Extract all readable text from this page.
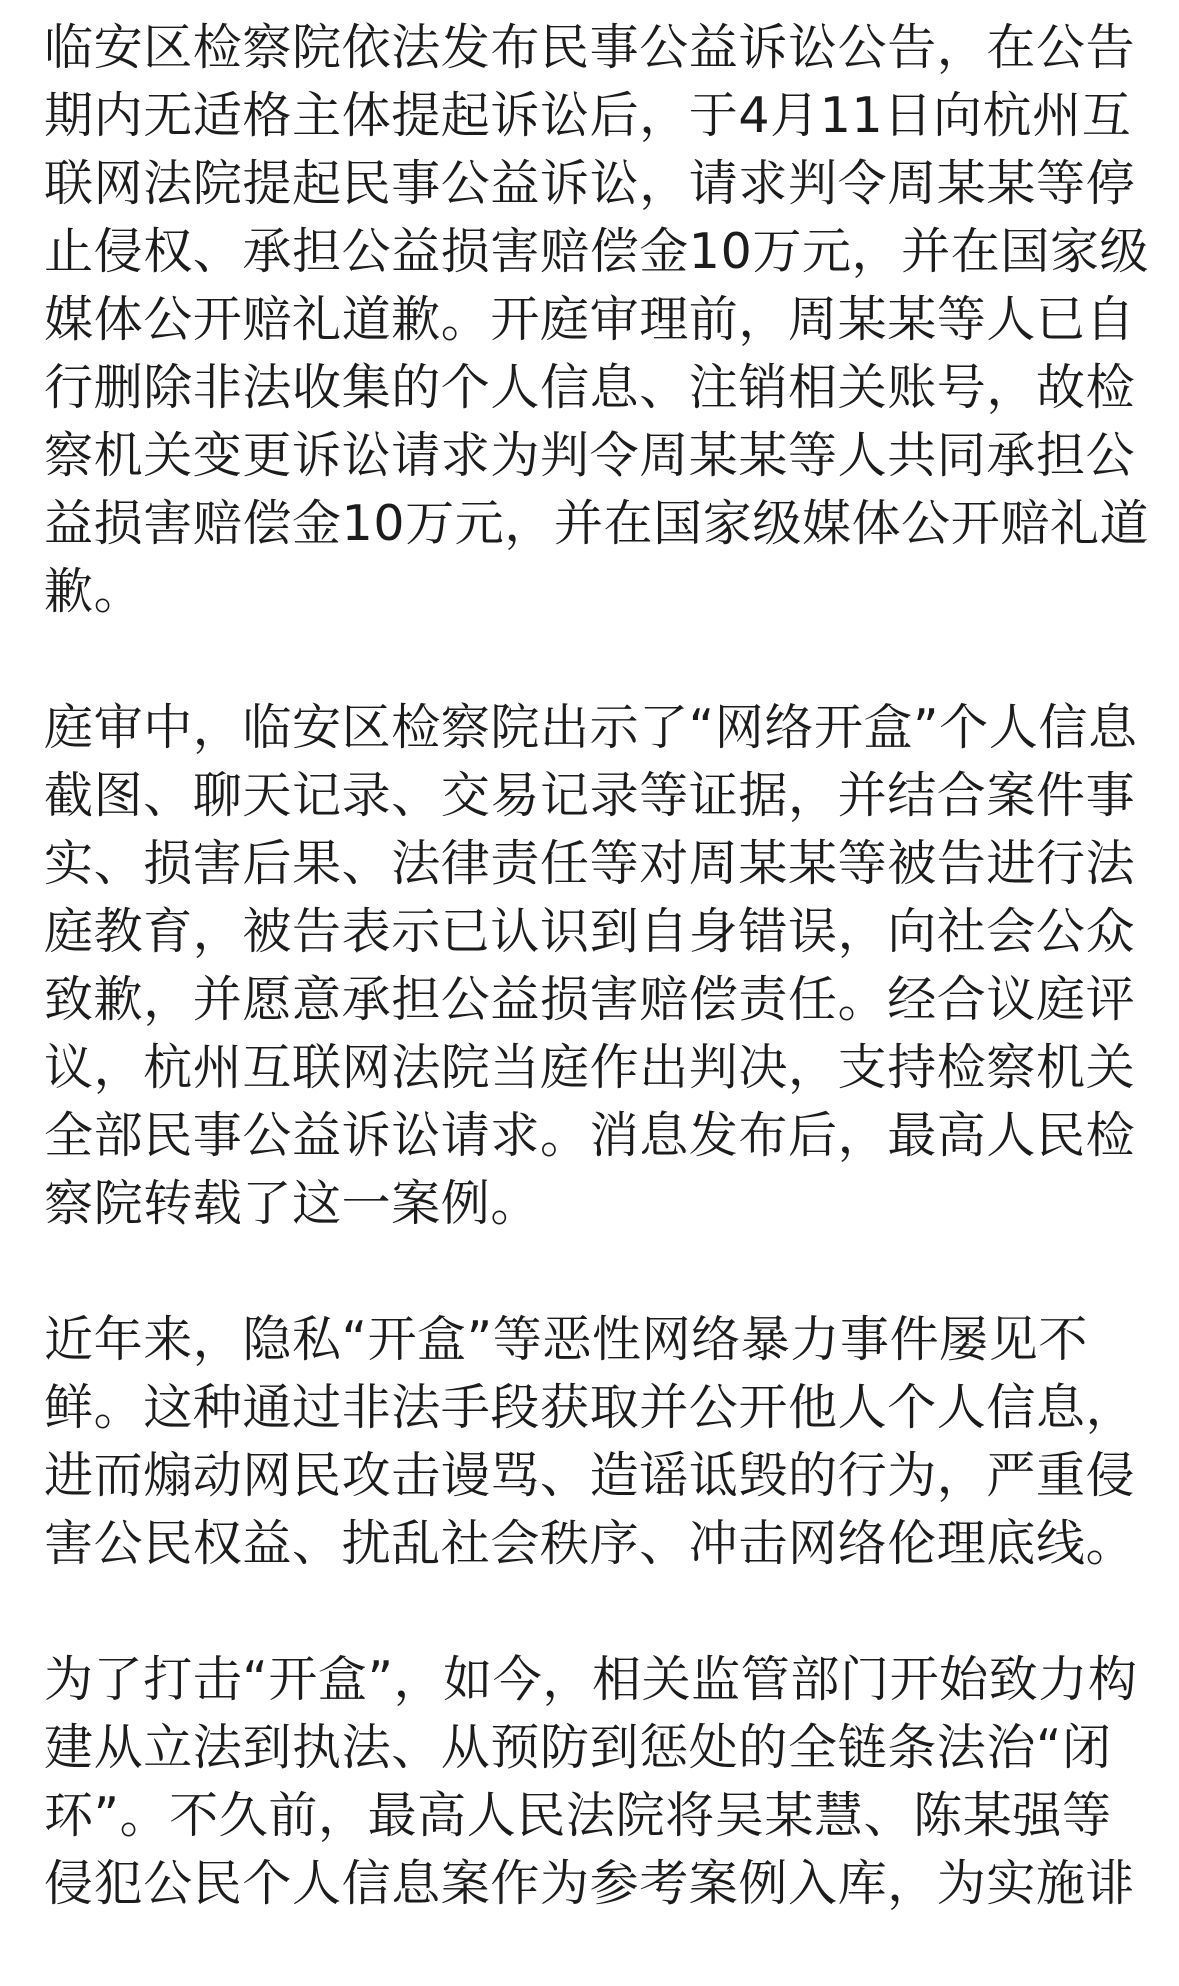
临安区检察院依法发布民事公益诉讼公告，在公告
期内无适格主体提起诉讼后，于4月11日向杭州互
联网法院提起民事公益诉讼，请求判令周某某等停
止侵权、承担公益损害赔偿金10万元，并在国家级
媒体公开赔礼道歉。开庭审理前，周某某等人已自
行删除非法收集的个人信息、注销相关账号，故检
察机关变更诉讼请求为判令周某某等人共同承担公
益损害赔偿金10万元，并在国家级媒体公开赔礼道
歉。
庭审中，临安区检察院出示了“网络开盒”个人信息
截图、聊天记录、交易记录等证据，并结合案件事
实、损害后果、法律责任等对周某某等被告进行法
庭教育，被告表示已认识到自身错误，向社会公众
致歉，并愿意承担公益损害赔偿责任。经合议庭评
议，杭州互联网法院当庭作出判决，支持检察机关
全部民事公益诉讼请求。消息发布后，最高人民检
察院转载了这一案例。
近年来，隐私“开盒”等恶性网络暴力事件屡见不
鲜。这种通过非法手段获取并公开他人个人信息，
进而煽动网民攻击谩骂、造谣诋毁的行为，严重侵
害公民权益、扰乱社会秩序、冲击网络伦理底线。
为了打击“开盒”，如今，相关监管部门开始致力构
建从立法到执法、从预防到惩处的全链条法治“闭
环”。不久前，最高人民法院将吴某慧、陈某强等
侵犯公民个人信息案作为参考案例入库，为实施诽
